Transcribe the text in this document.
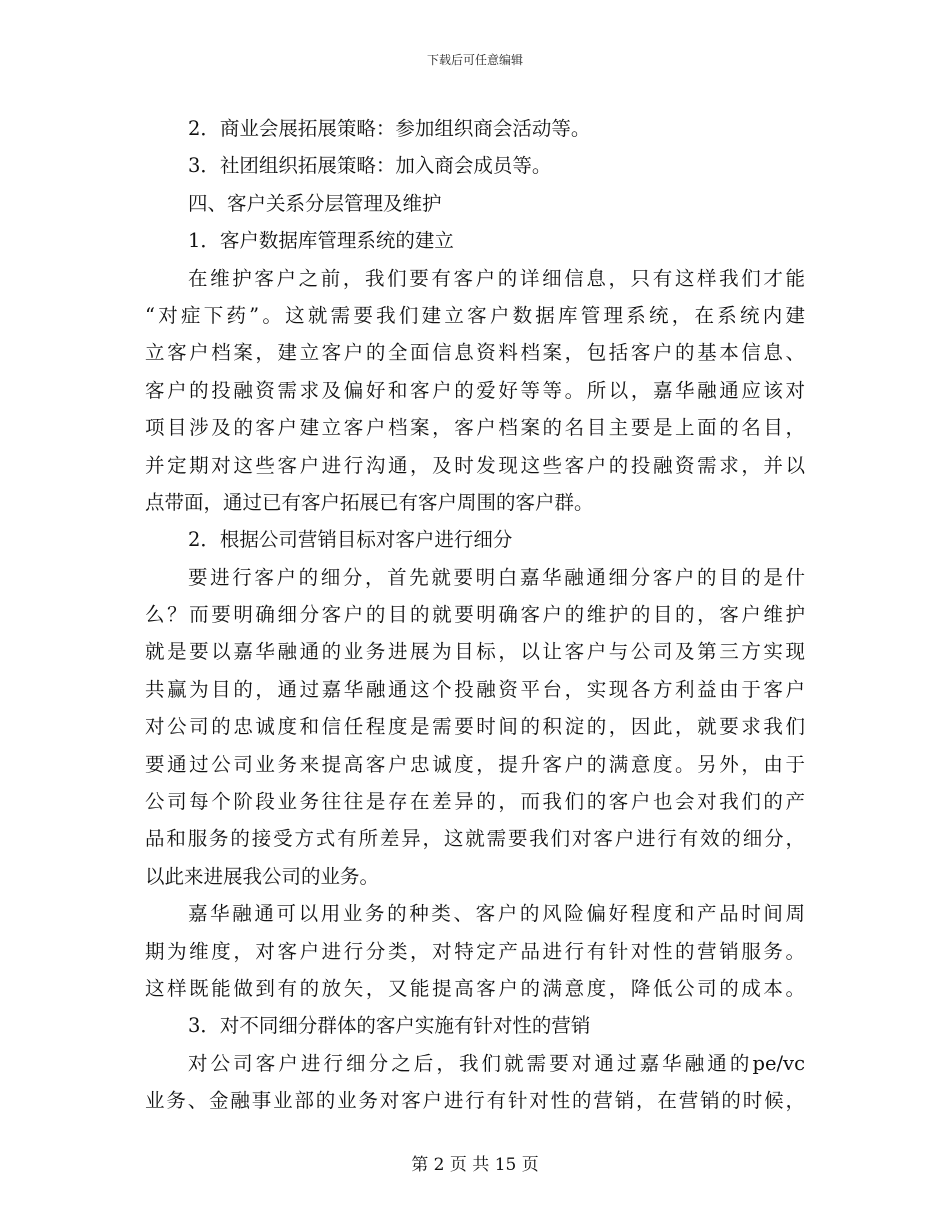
下载后可任意编辑
2．商业会展拓展策略：参加组织商会活动等。
3．社团组织拓展策略：加入商会成员等。
四、客户关系分层管理及维护
1．客户数据库管理系统的建立
在维护客户之前，我们要有客户的详细信息，只有这样我们才能
“对症下药”。这就需要我们建立客户数据库管理系统，在系统内建
立客户档案，建立客户的全面信息资料档案，包括客户的基本信息、
客户的投融资需求及偏好和客户的爱好等等。所以，嘉华融通应该对
项目涉及的客户建立客户档案，客户档案的名目主要是上面的名目，
并定期对这些客户进行沟通，及时发现这些客户的投融资需求，并以
点带面，通过已有客户拓展已有客户周围的客户群。
2．根据公司营销目标对客户进行细分
要进行客户的细分，首先就要明白嘉华融通细分客户的目的是什
么？而要明确细分客户的目的就要明确客户的维护的目的，客户维护
就是要以嘉华融通的业务进展为目标，以让客户与公司及第三方实现
共赢为目的，通过嘉华融通这个投融资平台，实现各方利益由于客户
对公司的忠诚度和信任程度是需要时间的积淀的，因此，就要求我们
要通过公司业务来提高客户忠诚度，提升客户的满意度。另外，由于
公司每个阶段业务往往是存在差异的，而我们的客户也会对我们的产
品和服务的接受方式有所差异，这就需要我们对客户进行有效的细分，
以此来进展我公司的业务。
嘉华融通可以用业务的种类、客户的风险偏好程度和产品时间周
期为维度，对客户进行分类，对特定产品进行有针对性的营销服务。
这样既能做到有的放矢，又能提高客户的满意度，降低公司的成本。
3．对不同细分群体的客户实施有针对性的营销
对公司客户进行细分之后，我们就需要对通过嘉华融通的pe/vc
业务、金融事业部的业务对客户进行有针对性的营销，在营销的时候，
第 2 页 共 15 页
